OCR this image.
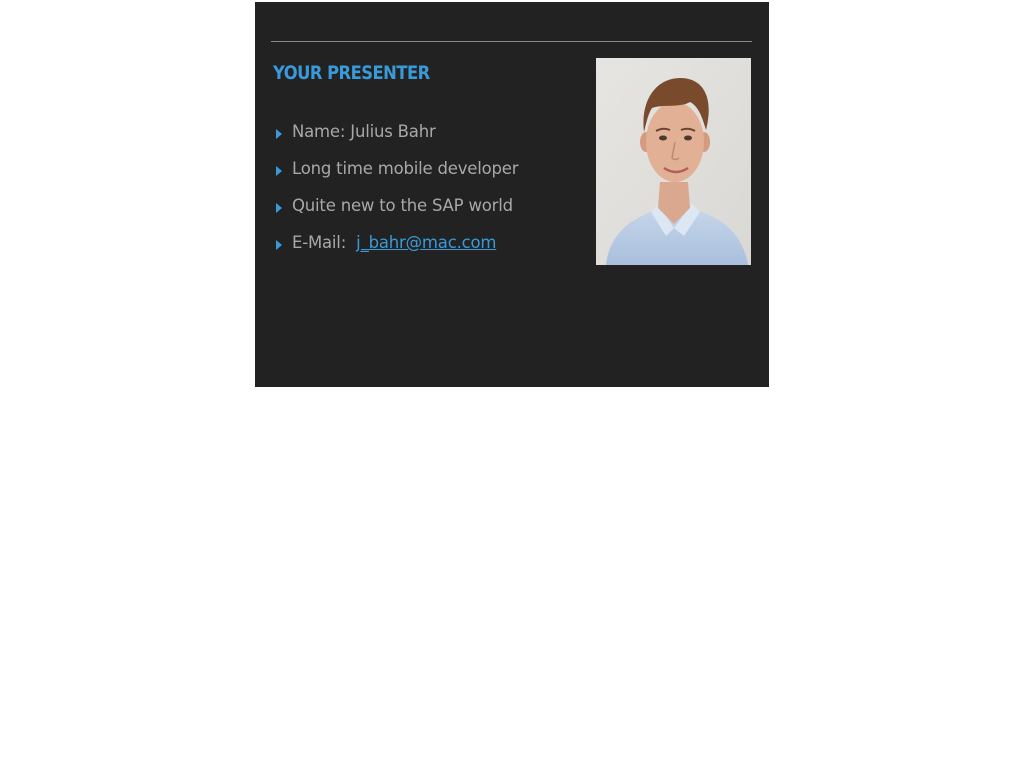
YOUR PRESENTER
Name: Julius Bahr
Long time mobile developer
Quite new to the SAP world
E-Mail:  j_bahr@mac.com
